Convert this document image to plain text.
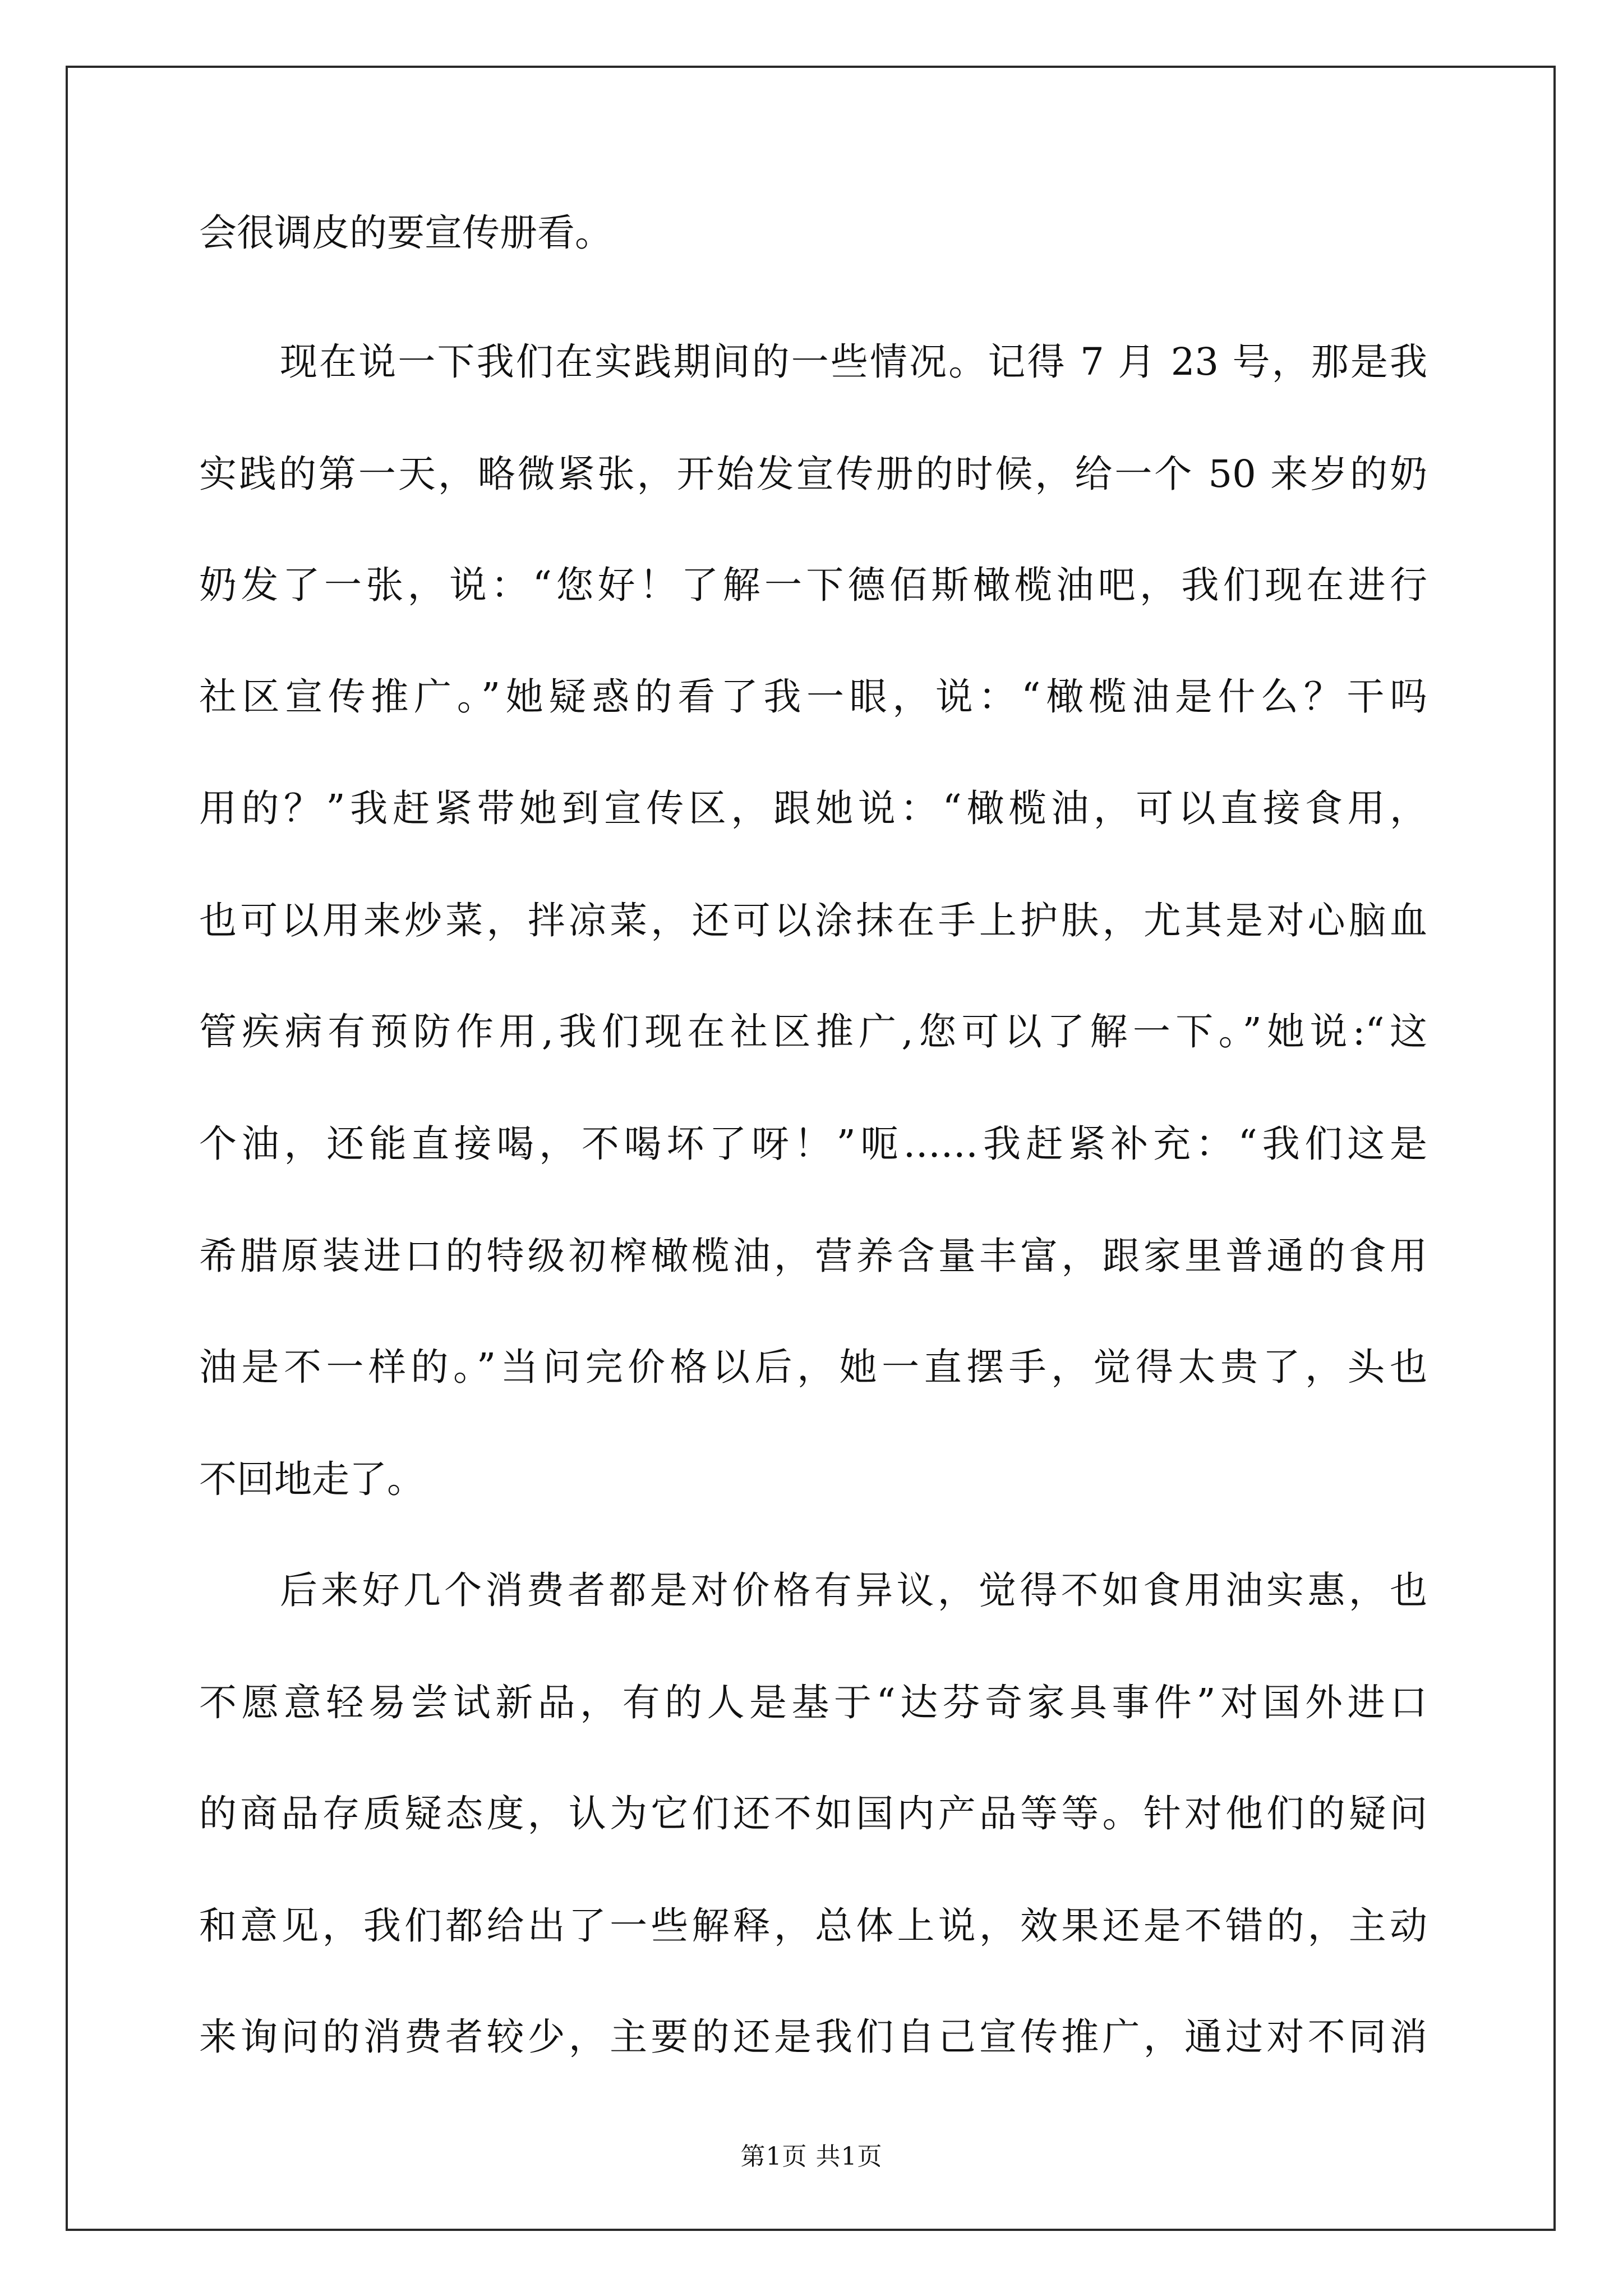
会很调皮的要宣传册看。
现在说一下我们在实践期间的一些情况。记得 7 月 23 号，那是我
实践的第一天，略微紧张，开始发宣传册的时候，给一个 50 来岁的奶
奶发了一张，说：“您好！了解一下德佰斯橄榄油吧，我们现在进行
社区宣传推广。”她疑惑的看了我一眼，说：“橄榄油是什么？干吗
用的？”我赶紧带她到宣传区，跟她说：“橄榄油，可以直接食用，
也可以用来炒菜，拌凉菜，还可以涂抹在手上护肤，尤其是对心脑血
管疾病有预防作用,我们现在社区推广,您可以了解一下。”她说:“这
个油，还能直接喝，不喝坏了呀！”呃……我赶紧补充：“我们这是
希腊原装进口的特级初榨橄榄油，营养含量丰富，跟家里普通的食用
油是不一样的。”当问完价格以后，她一直摆手，觉得太贵了，头也
不回地走了。
后来好几个消费者都是对价格有异议，觉得不如食用油实惠，也
不愿意轻易尝试新品，有的人是基于“达芬奇家具事件”对国外进口
的商品存质疑态度，认为它们还不如国内产品等等。针对他们的疑问
和意见，我们都给出了一些解释，总体上说，效果还是不错的，主动
来询问的消费者较少，主要的还是我们自己宣传推广，通过对不同消
第1页 共1页
